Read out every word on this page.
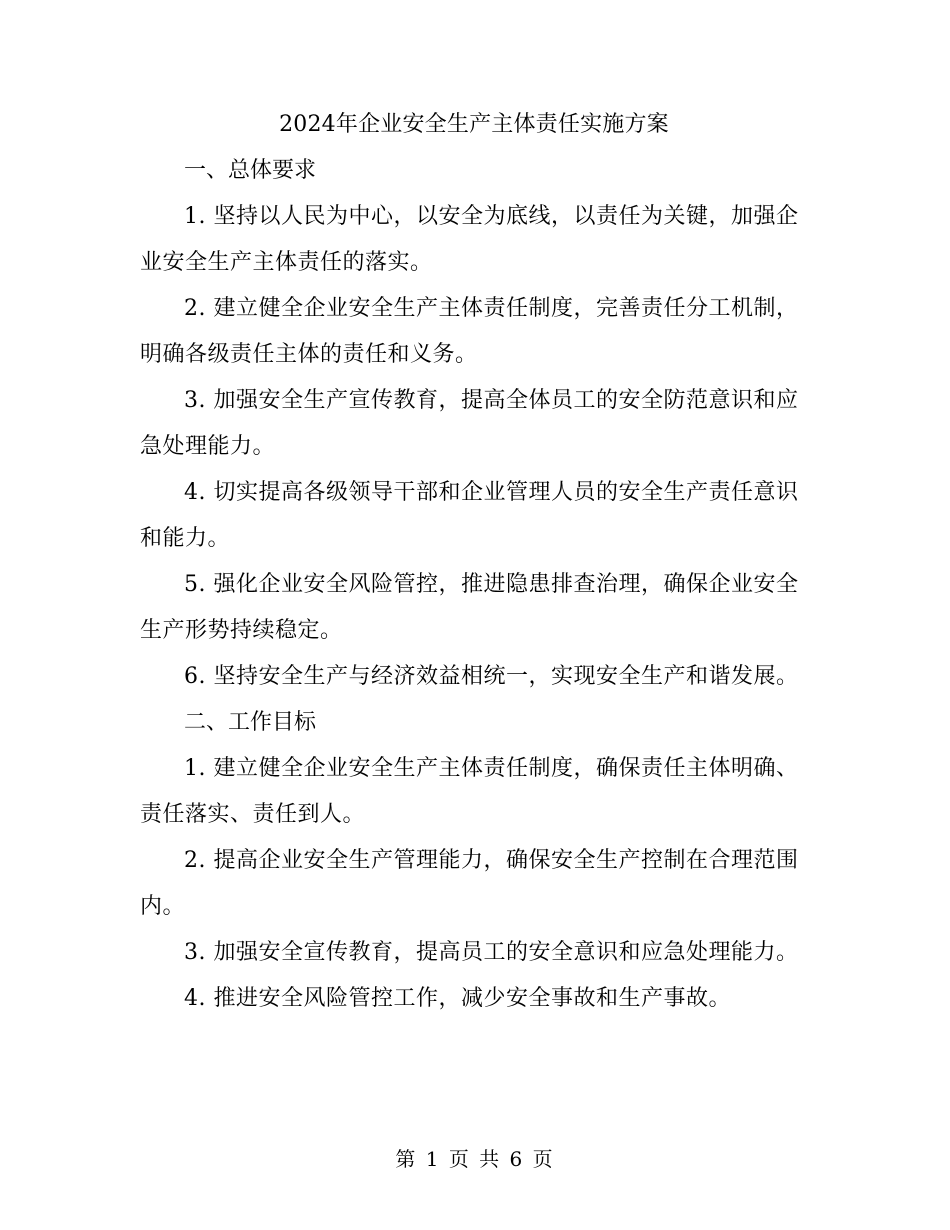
2024年企业安全生产主体责任实施方案
一、总体要求

1. 坚持以人民为中心，以安全为底线，以责任为关键，加强企业安全生产主体责任的落实。

2. 建立健全企业安全生产主体责任制度，完善责任分工机制，明确各级责任主体的责任和义务。

3. 加强安全生产宣传教育，提高全体员工的安全防范意识和应急处理能力。

4. 切实提高各级领导干部和企业管理人员的安全生产责任意识和能力。

5. 强化企业安全风险管控，推进隐患排查治理，确保企业安全生产形势持续稳定。

6. 坚持安全生产与经济效益相统一，实现安全生产和谐发展。

二、工作目标

1. 建立健全企业安全生产主体责任制度，确保责任主体明确、责任落实、责任到人。

2. 提高企业安全生产管理能力，确保安全生产控制在合理范围内。

3. 加强安全宣传教育，提高员工的安全意识和应急处理能力。

4. 推进安全风险管控工作，减少安全事故和生产事故。

第 1 页 共 6 页
